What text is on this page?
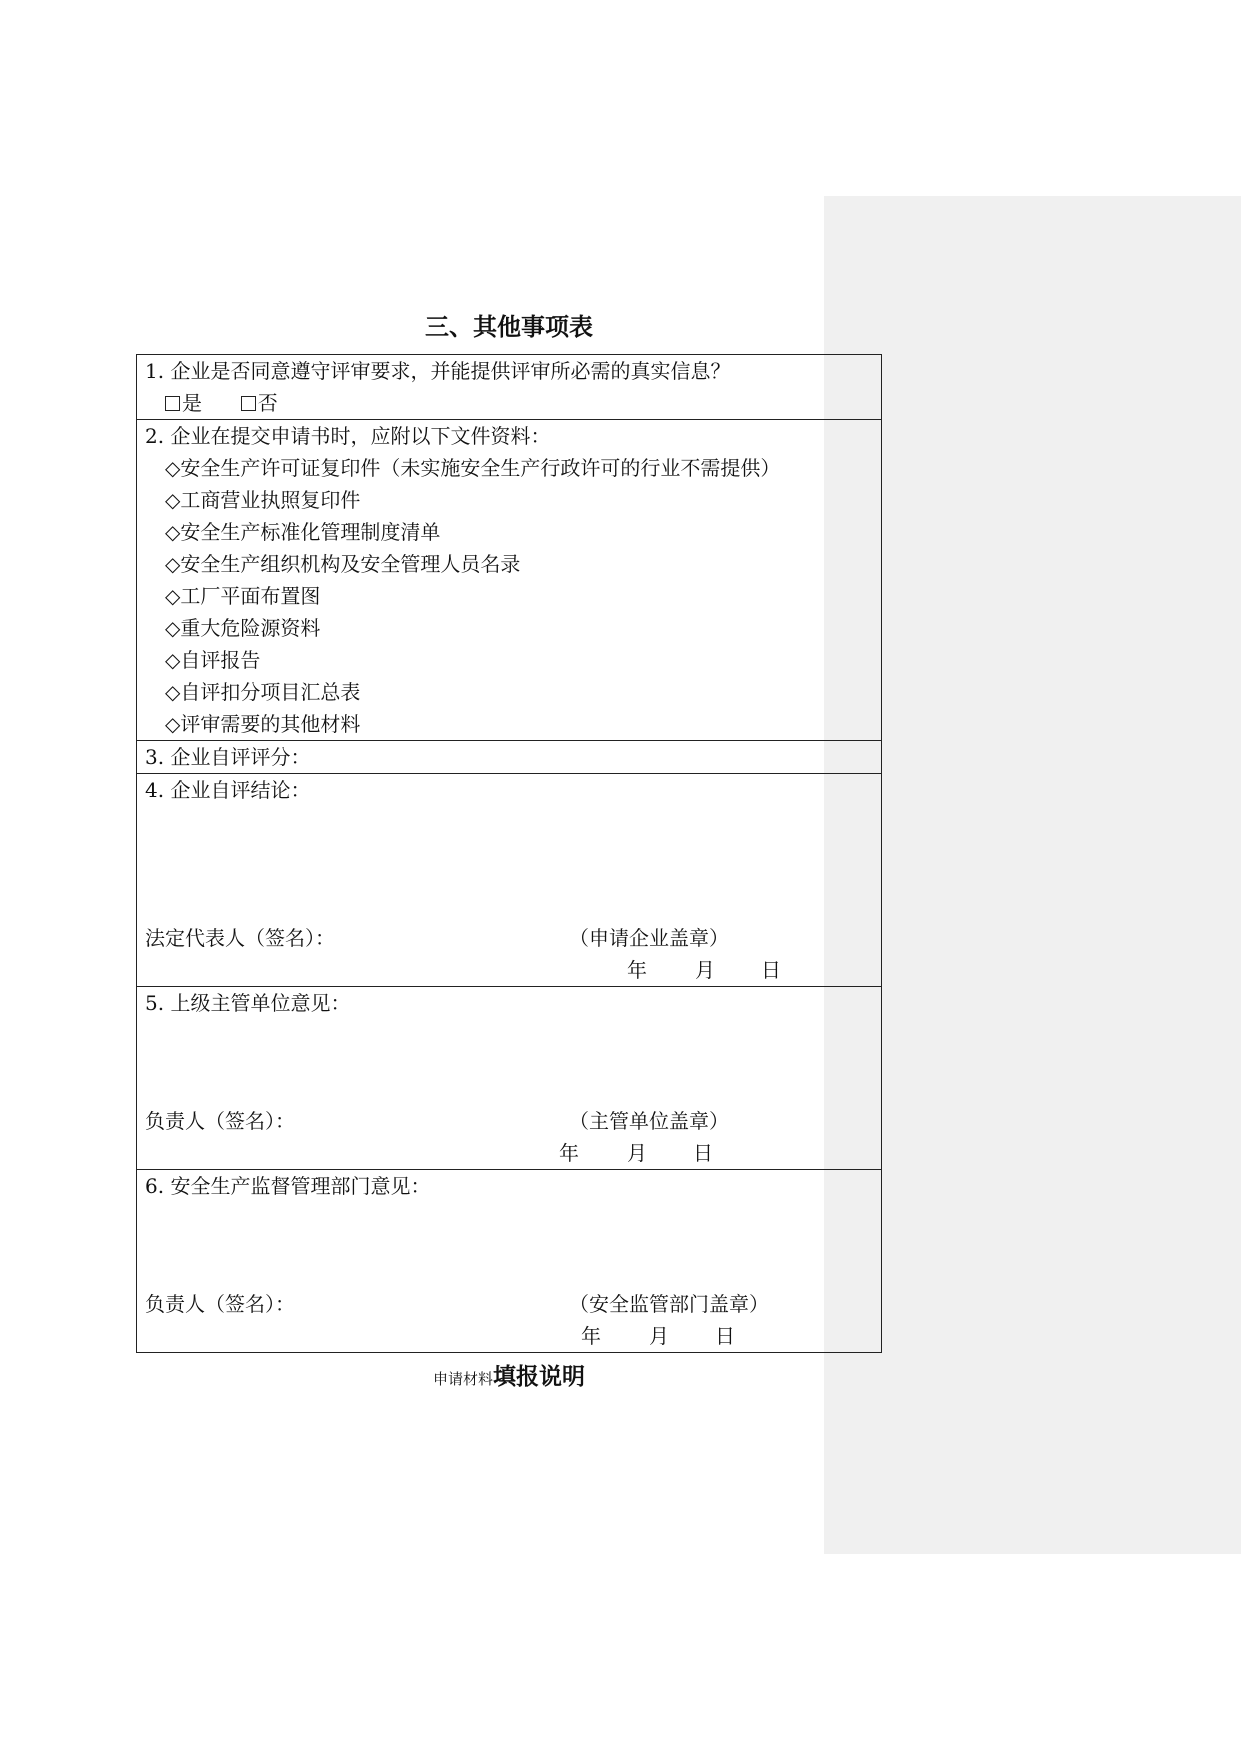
三、其他事项表
1. 企业是否同意遵守评审要求，并能提供评审所必需的真实信息？
是	否

2. 企业在提交申请书时，应附以下文件资料：
◇安全生产许可证复印件（未实施安全生产行政许可的行业不需提供）
◇工商营业执照复印件
◇安全生产标准化管理制度清单
◇安全生产组织机构及安全管理人员名录
◇工厂平面布置图
◇重大危险源资料
◇自评报告
◇自评扣分项目汇总表
◇评审需要的其他材料

3. 企业自评评分：

4. 企业自评结论：
法定代表人（签名）：	（申请企业盖章）
年 月 日

5. 上级主管单位意见：
负责人（签名）：	（主管单位盖章）
年 月 日

6. 安全生产监督管理部门意见：
负责人（签名）：	（安全监管部门盖章）
年 月 日
申请材料填报说明
